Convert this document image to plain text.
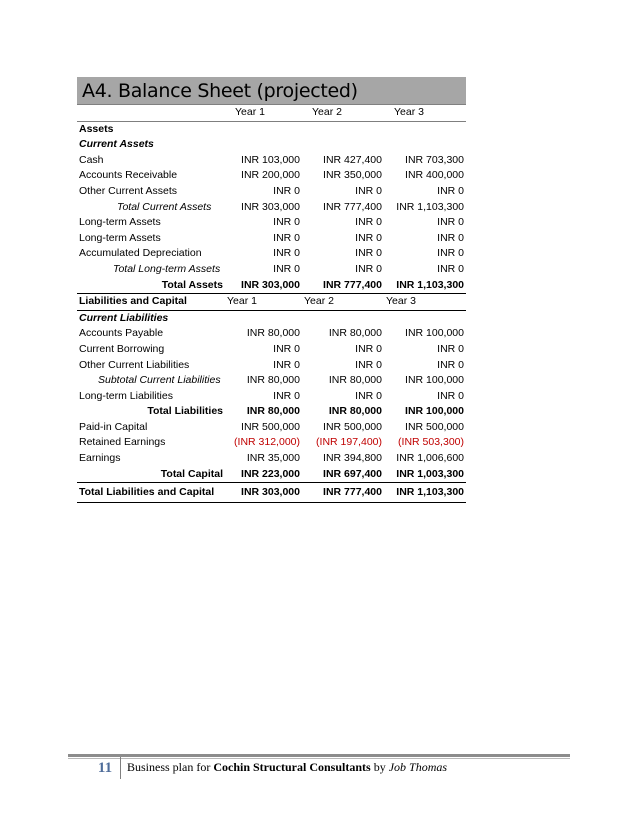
A4. Balance Sheet (projected)
	Year 1	Year 2	Year 3
Assets			
Current Assets			
Cash	INR 103,000	INR 427,400	INR 703,300
Accounts Receivable	INR 200,000	INR 350,000	INR 400,000
Other Current Assets	INR 0	INR 0	INR 0
Total Current Assets	INR 303,000	INR 777,400	INR 1,103,300
Long-term Assets	INR 0	INR 0	INR 0
Long-term Assets	INR 0	INR 0	INR 0
Accumulated Depreciation	INR 0	INR 0	INR 0
Total Long-term Assets	INR 0	INR 0	INR 0
Total Assets	INR 303,000	INR 777,400	INR 1,103,300
Liabilities and Capital	Year 1	Year 2	Year 3
Current Liabilities			
Accounts Payable	INR 80,000	INR 80,000	INR 100,000
Current Borrowing	INR 0	INR 0	INR 0
Other Current Liabilities	INR 0	INR 0	INR 0
Subtotal Current Liabilities	INR 80,000	INR 80,000	INR 100,000
Long-term Liabilities	INR 0	INR 0	INR 0
Total Liabilities	INR 80,000	INR 80,000	INR 100,000
Paid-in Capital	INR 500,000	INR 500,000	INR 500,000
Retained Earnings	(INR 312,000)	(INR 197,400)	(INR 503,300)
Earnings	INR 35,000	INR 394,800	INR 1,006,600
Total Capital	INR 223,000	INR 697,400	INR 1,003,300
Total Liabilities and Capital	INR 303,000	INR 777,400	INR 1,103,300
11	Business plan for Cochin Structural Consultants by Job Thomas
